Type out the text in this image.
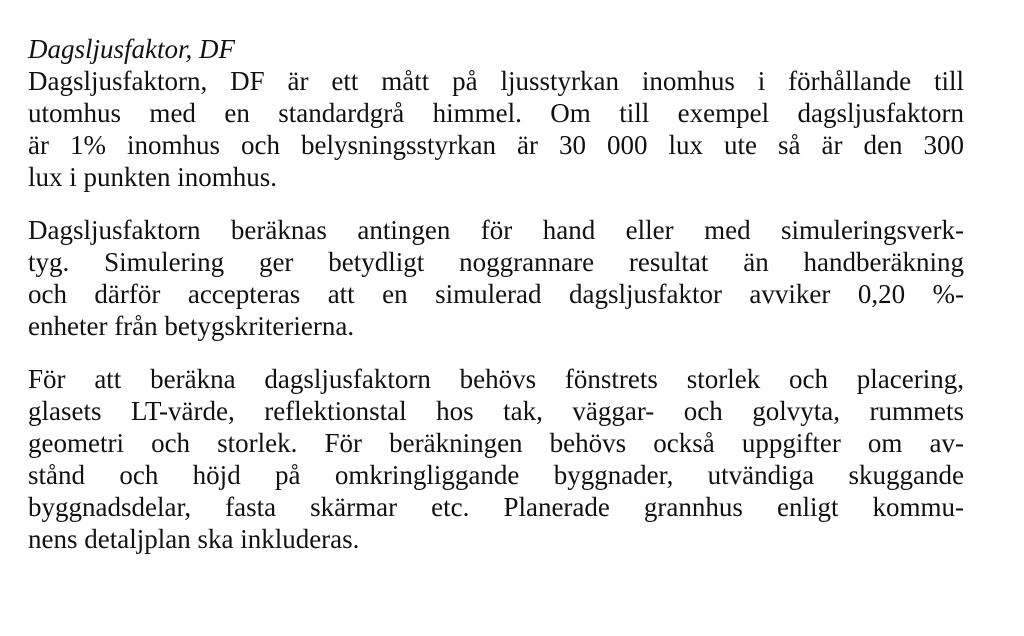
Dagsljusfaktor, DF
Dagsljusfaktorn, DF är ett mått på ljusstyrkan inomhus i förhållande till
utomhus med en standardgrå himmel. Om till exempel dagsljusfaktorn
är 1% inomhus och belysningsstyrkan är 30 000 lux ute så är den 300
lux i punkten inomhus.
Dagsljusfaktorn beräknas antingen för hand eller med simuleringsverk-
tyg. Simulering ger betydligt noggrannare resultat än handberäkning
och därför accepteras att en simulerad dagsljusfaktor avviker 0,20 %-
enheter från betygskriterierna.
För att beräkna dagsljusfaktorn behövs fönstrets storlek och placering,
glasets LT-värde, reflektionstal hos tak, väggar- och golvyta, rummets
geometri och storlek. För beräkningen behövs också uppgifter om av-
stånd och höjd på omkringliggande byggnader, utvändiga skuggande
byggnadsdelar, fasta skärmar etc. Planerade grannhus enligt kommu-
nens detaljplan ska inkluderas.
